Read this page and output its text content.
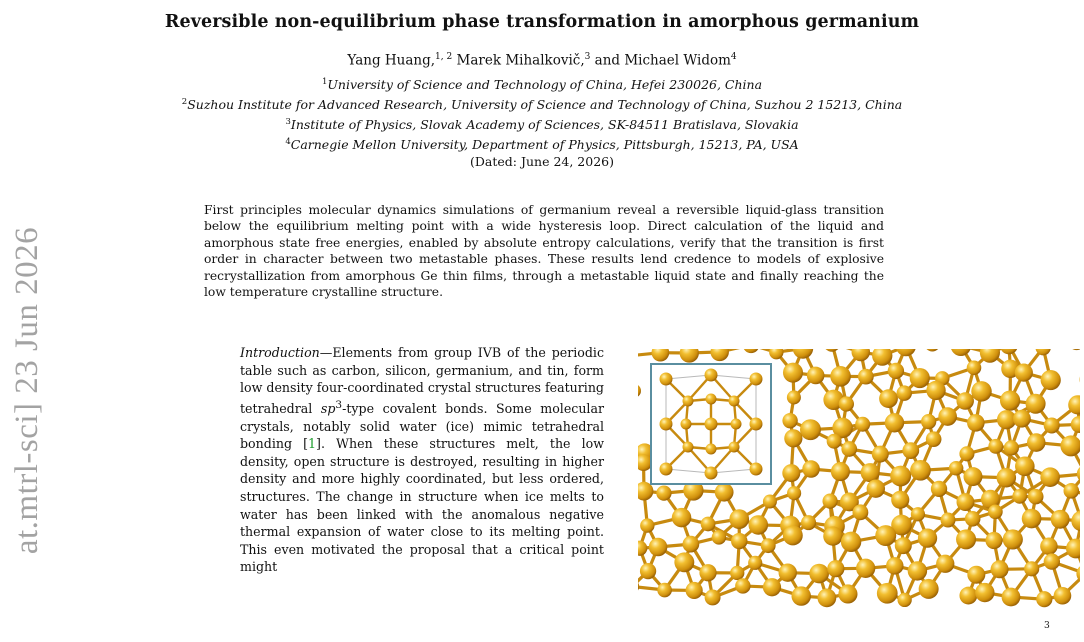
at.mtrl-sci] 23 Jun 2026
Reversible non-equilibrium phase transformation in amorphous germanium
Yang Huang,$^{1, 2}$ Marek Mihalkovič,$^3$ and Michael Widom$^4$
$^1$University of Science and Technology of China, Hefei 230026, China
$^2$Suzhou Institute for Advanced Research, University of Science and Technology of China, Suzhou 2 15213, China
$^3$Institute of Physics, Slovak Academy of Sciences, SK-84511 Bratislava, Slovakia
$^4$Carnegie Mellon University, Department of Physics, Pittsburgh, 15213, PA, USA
(Dated: June 24, 2026)
First principles molecular dynamics simulations of germanium reveal a reversible liquid-glass transition below the equilibrium melting point with a wide hysteresis loop. Direct calculation of the liquid and amorphous state free energies, enabled by absolute entropy calculations, verify that the transition is first order in character between two metastable phases. These results lend credence to models of explosive recrystallization from amorphous Ge thin films, through a metastable liquid state and finally reaching the low temperature crystalline structure.
Introduction—Elements from group IVB of the periodic table such as carbon, silicon, germanium, and tin, form low density four-coordinated crystal structures featuring tetrahedral $sp^3$-type covalent bonds. Some molecular crystals, notably solid water (ice) mimic tetrahedral bonding [1]. When these structures melt, the low density, open structure is destroyed, resulting in higher density and more highly coordinated, but less ordered, structures. The change in structure when ice melts to water has been linked with the anomalous negative thermal expansion of water close to its melting point. This even motivated the proposal that a critical point might
$^3$
